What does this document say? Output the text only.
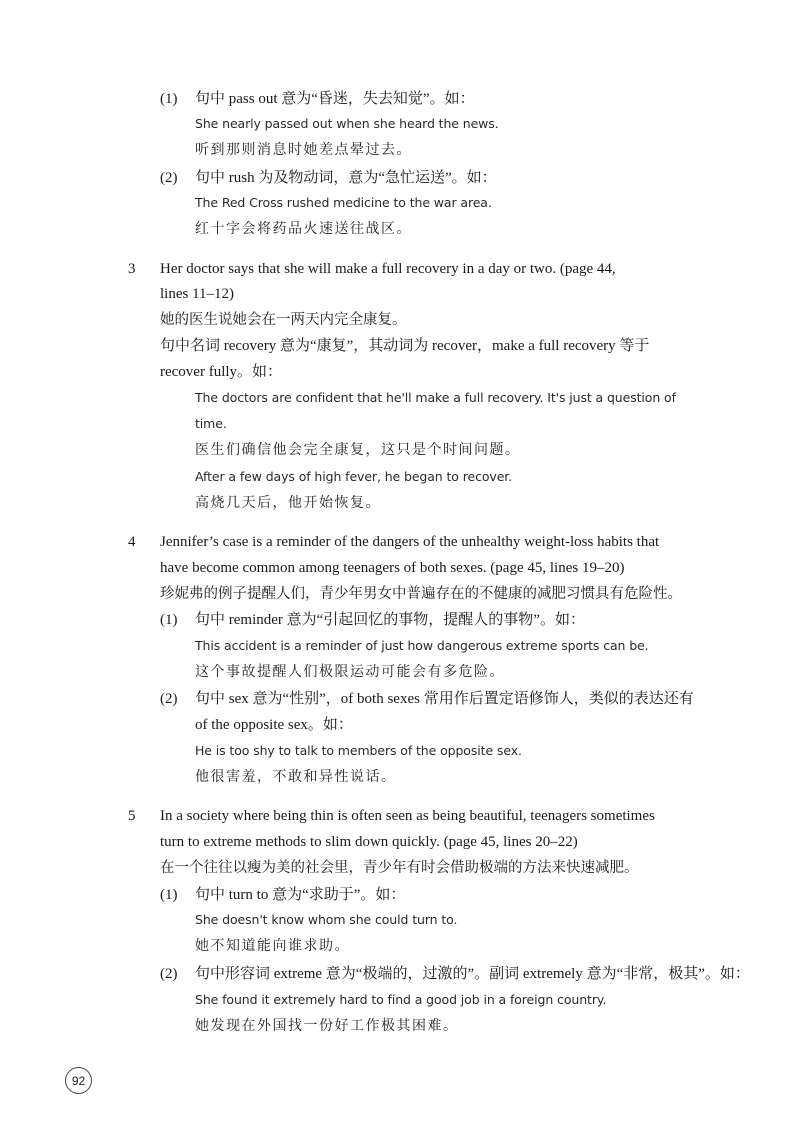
(1) 句中 pass out 意为“昏迷，失去知觉”。如：
She nearly passed out when she heard the news.
听到那则消息时她差点晕过去。
(2) 句中 rush 为及物动词，意为“急忙运送”。如：
The Red Cross rushed medicine to the war area.
红十字会将药品火速送往战区。
3 Her doctor says that she will make a full recovery in a day or two. (page 44,
lines 11–12)
她的医生说她会在一两天内完全康复。
句中名词 recovery 意为“康复”，其动词为 recover，make a full recovery 等于
recover fully。如：
The doctors are confident that he'll make a full recovery. It's just a question of
time.
医生们确信他会完全康复，这只是个时间问题。
After a few days of high fever, he began to recover.
高烧几天后，他开始恢复。
4 Jennifer’s case is a reminder of the dangers of the unhealthy weight-loss habits that
have become common among teenagers of both sexes. (page 45, lines 19–20)
珍妮弗的例子提醒人们，青少年男女中普遍存在的不健康的减肥习惯具有危险性。
(1) 句中 reminder 意为“引起回忆的事物，提醒人的事物”。如：
This accident is a reminder of just how dangerous extreme sports can be.
这个事故提醒人们极限运动可能会有多危险。
(2) 句中 sex 意为“性别”，of both sexes 常用作后置定语修饰人，类似的表达还有
of the opposite sex。如：
He is too shy to talk to members of the opposite sex.
他很害羞，不敢和异性说话。
5 In a society where being thin is often seen as being beautiful, teenagers sometimes
turn to extreme methods to slim down quickly. (page 45, lines 20–22)
在一个往往以瘦为美的社会里，青少年有时会借助极端的方法来快速减肥。
(1) 句中 turn to 意为“求助于”。如：
She doesn't know whom she could turn to.
她不知道能向谁求助。
(2) 句中形容词 extreme 意为“极端的，过激的”。副词 extremely 意为“非常，极其”。如：
She found it extremely hard to find a good job in a foreign country.
她发现在外国找一份好工作极其困难。
92
